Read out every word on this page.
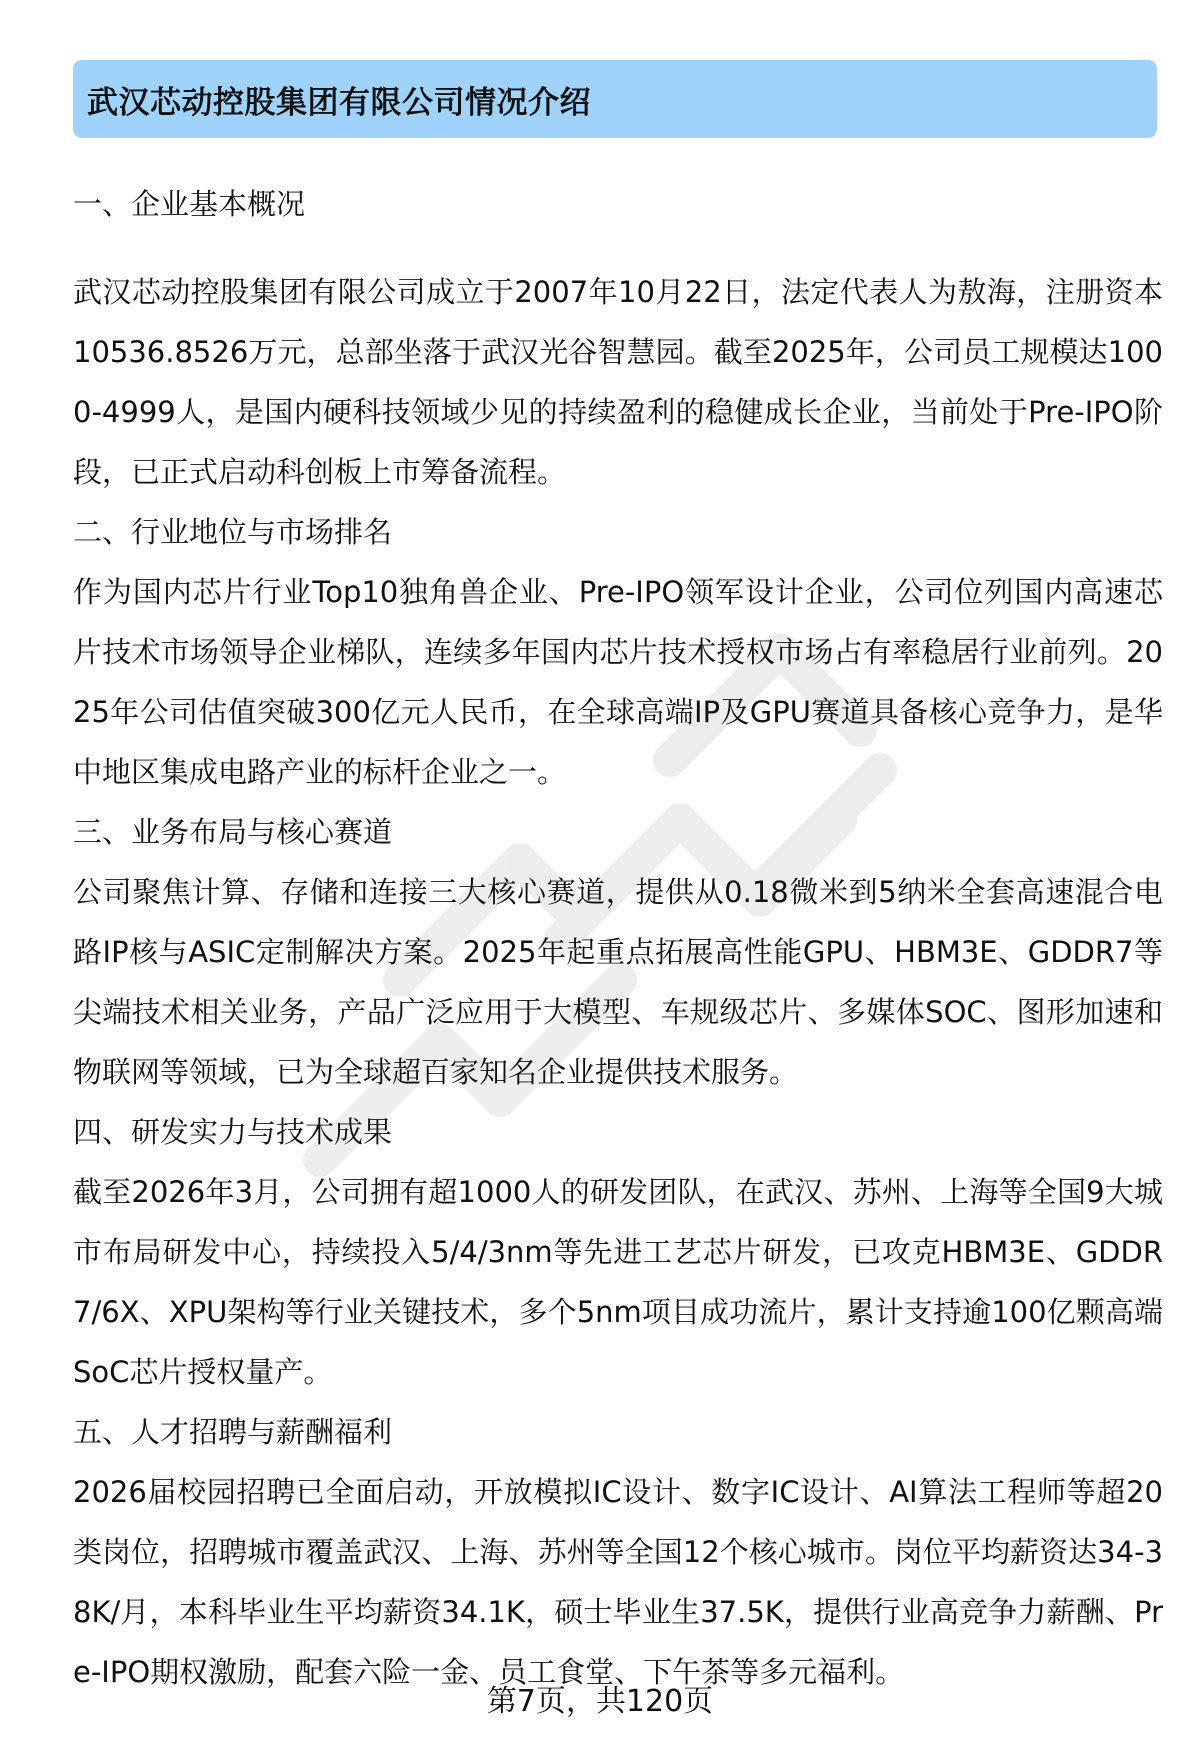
武汉芯动控股集团有限公司情况介绍

一、企业基本概况

武汉芯动控股集团有限公司成立于2007年10月22日，法定代表人为敖海，注册资本10536.8526万元，总部坐落于武汉光谷智慧园。截至2025年，公司员工规模达1000-4999人，是国内硬科技领域少见的持续盈利的稳健成长企业，当前处于Pre-IPO阶段，已正式启动科创板上市筹备流程。

二、行业地位与市场排名

作为国内芯片行业Top10独角兽企业、Pre-IPO领军设计企业，公司位列国内高速芯片技术市场领导企业梯队，连续多年国内芯片技术授权市场占有率稳居行业前列。2025年公司估值突破300亿元人民币，在全球高端IP及GPU赛道具备核心竞争力，是华中地区集成电路产业的标杆企业之一。

三、业务布局与核心赛道

公司聚焦计算、存储和连接三大核心赛道，提供从0.18微米到5纳米全套高速混合电路IP核与ASIC定制解决方案。2025年起重点拓展高性能GPU、HBM3E、GDDR7等尖端技术相关业务，产品广泛应用于大模型、车规级芯片、多媒体SOC、图形加速和物联网等领域，已为全球超百家知名企业提供技术服务。

四、研发实力与技术成果

截至2026年3月，公司拥有超1000人的研发团队，在武汉、苏州、上海等全国9大城市布局研发中心，持续投入5/4/3nm等先进工艺芯片研发，已攻克HBM3E、GDDR7/6X、XPU架构等行业关键技术，多个5nm项目成功流片，累计支持逾100亿颗高端SoC芯片授权量产。

五、人才招聘与薪酬福利

2026届校园招聘已全面启动，开放模拟IC设计、数字IC设计、AI算法工程师等超20类岗位，招聘城市覆盖武汉、上海、苏州等全国12个核心城市。岗位平均薪资达34-38K/月，本科毕业生平均薪资34.1K，硕士毕业生37.5K，提供行业高竞争力薪酬、Pre-IPO期权激励，配套六险一金、员工食堂、下午茶等多元福利。

第7页，共120页
